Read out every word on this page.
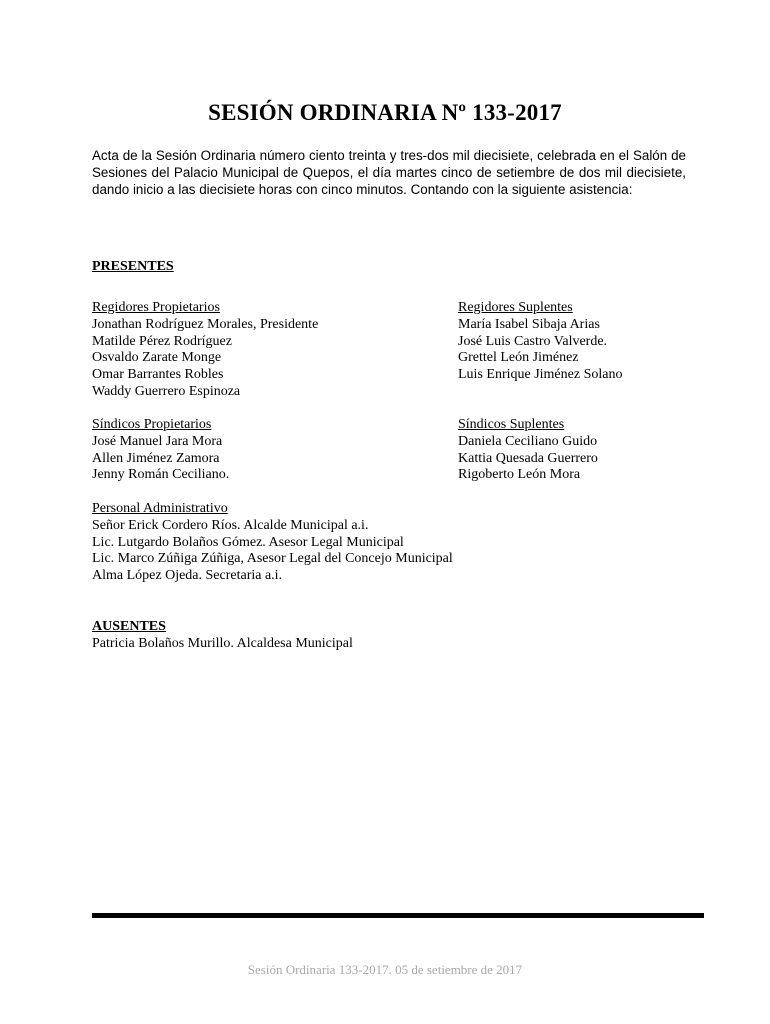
SESIÓN ORDINARIA Nº 133-2017
Acta de la Sesión Ordinaria número ciento treinta y tres-dos mil diecisiete, celebrada en el Salón de Sesiones del Palacio Municipal de Quepos, el día martes cinco de setiembre de dos mil diecisiete, dando inicio a las diecisiete horas con cinco minutos. Contando con la siguiente asistencia:
PRESENTES
Regidores Propietarios
Jonathan Rodríguez Morales, Presidente
Matilde Pérez Rodríguez
Osvaldo Zarate Monge
Omar Barrantes Robles
Waddy Guerrero Espinoza
Regidores Suplentes
María Isabel Sibaja Arias
José Luis Castro Valverde.
Grettel León Jiménez
Luis Enrique Jiménez Solano
Síndicos Propietarios
José Manuel Jara Mora
Allen Jiménez Zamora
Jenny Román Ceciliano.
Síndicos Suplentes
Daniela Ceciliano Guido
Kattia Quesada Guerrero
Rigoberto León Mora
Personal Administrativo
Señor Erick Cordero Ríos. Alcalde Municipal a.i.
Lic. Lutgardo Bolaños Gómez. Asesor Legal Municipal
Lic. Marco Zúñiga Zúñiga, Asesor Legal del Concejo Municipal
Alma López Ojeda. Secretaria a.i.
AUSENTES
Patricia Bolaños Murillo. Alcaldesa Municipal
Sesión Ordinaria 133-2017. 05 de setiembre de 2017
